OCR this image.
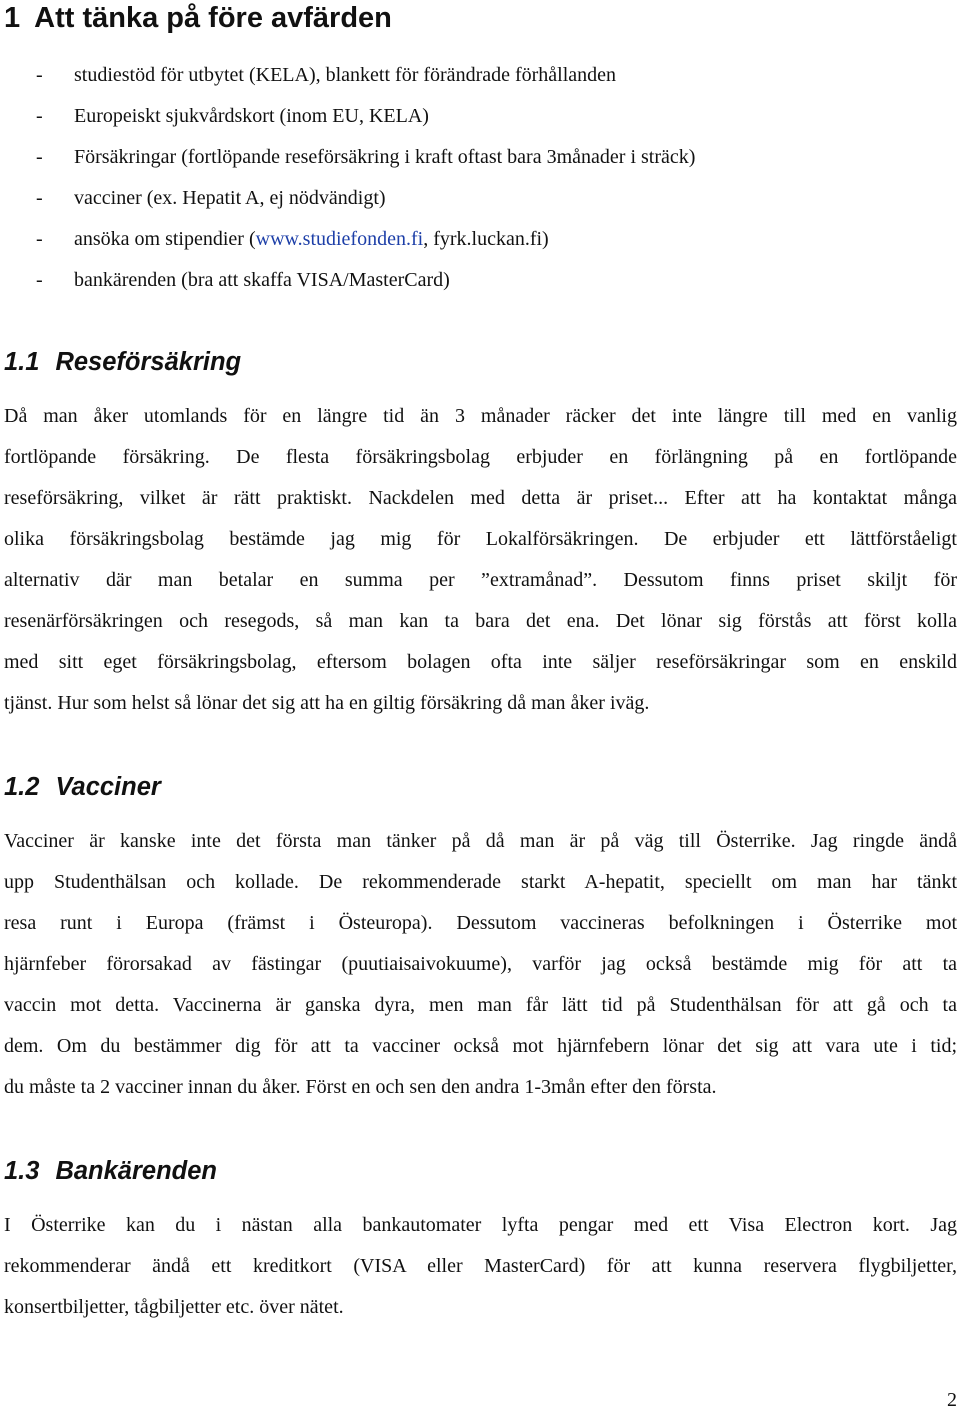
1 Att tänka på före avfärden
- studiestöd för utbytet (KELA), blankett för förändrade förhållanden
- Europeiskt sjukvårdskort (inom EU, KELA)
- Försäkringar (fortlöpande reseförsäkring i kraft oftast bara 3månader i sträck)
- vacciner (ex. Hepatit A, ej nödvändigt)
- ansöka om stipendier (www.studiefonden.fi, fyrk.luckan.fi)
- bankärenden (bra att skaffa VISA/MasterCard)
1.1 Reseförsäkring

Då man åker utomlands för en längre tid än 3 månader räcker det inte längre till med en vanlig
fortlöpande försäkring. De flesta försäkringsbolag erbjuder en förlängning på en fortlöpande
reseförsäkring, vilket är rätt praktiskt. Nackdelen med detta är priset... Efter att ha kontaktat många
olika försäkringsbolag bestämde jag mig för Lokalförsäkringen. De erbjuder ett lättförståeligt
alternativ där man betalar en summa per ”extramånad”. Dessutom finns priset skiljt för
resenärförsäkringen och resegods, så man kan ta bara det ena. Det lönar sig förstås att först kolla
med sitt eget försäkringsbolag, eftersom bolagen ofta inte säljer reseförsäkringar som en enskild
tjänst. Hur som helst så lönar det sig att ha en giltig försäkring då man åker iväg.

1.2 Vacciner

Vacciner är kanske inte det första man tänker på då man är på väg till Österrike. Jag ringde ändå
upp Studenthälsan och kollade. De rekommenderade starkt A-hepatit, speciellt om man har tänkt
resa runt i Europa (främst i Östeuropa). Dessutom vaccineras befolkningen i Österrike mot
hjärnfeber förorsakad av fästingar (puutiaisaivokuume), varför jag också bestämde mig för att ta
vaccin mot detta. Vaccinerna är ganska dyra, men man får lätt tid på Studenthälsan för att gå och ta
dem. Om du bestämmer dig för att ta vacciner också mot hjärnfebern lönar det sig att vara ute i tid;
du måste ta 2 vacciner innan du åker. Först en och sen den andra 1-3mån efter den första.

1.3 Bankärenden

I Österrike kan du i nästan alla bankautomater lyfta pengar med ett Visa Electron kort. Jag
rekommenderar ändå ett kreditkort (VISA eller MasterCard) för att kunna reservera flygbiljetter,
konsertbiljetter, tågbiljetter etc. över nätet.

2
